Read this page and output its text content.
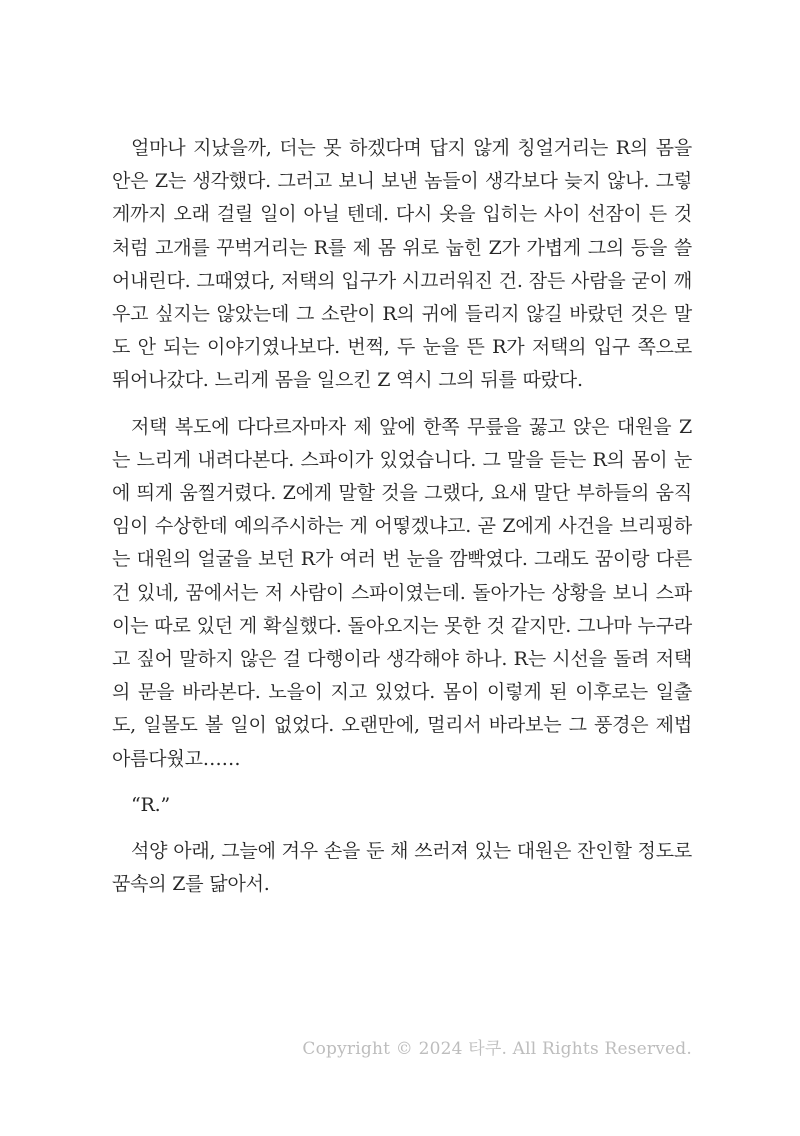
얼마나 지났을까, 더는 못 하겠다며 답지 않게 칭얼거리는 R의 몸을 안은 Z는 생각했다. 그러고 보니 보낸 놈들이 생각보다 늦지 않나. 그렇게까지 오래 걸릴 일이 아닐 텐데. 다시 옷을 입히는 사이 선잠이 든 것처럼 고개를 꾸벅거리는 R를 제 몸 위로 눕힌 Z가 가볍게 그의 등을 쓸어내린다. 그때였다, 저택의 입구가 시끄러워진 건. 잠든 사람을 굳이 깨우고 싶지는 않았는데 그 소란이 R의 귀에 들리지 않길 바랐던 것은 말도 안 되는 이야기였나보다. 번쩍, 두 눈을 뜬 R가 저택의 입구 쪽으로 뛰어나갔다. 느리게 몸을 일으킨 Z 역시 그의 뒤를 따랐다.

저택 복도에 다다르자마자 제 앞에 한쪽 무릎을 꿇고 앉은 대원을 Z는 느리게 내려다본다. 스파이가 있었습니다. 그 말을 듣는 R의 몸이 눈에 띄게 움찔거렸다. Z에게 말할 것을 그랬다, 요새 말단 부하들의 움직임이 수상한데 예의주시하는 게 어떻겠냐고. 곧 Z에게 사건을 브리핑하는 대원의 얼굴을 보던 R가 여러 번 눈을 깜빡였다. 그래도 꿈이랑 다른 건 있네, 꿈에서는 저 사람이 스파이였는데. 돌아가는 상황을 보니 스파이는 따로 있던 게 확실했다. 돌아오지는 못한 것 같지만. 그나마 누구라고 짚어 말하지 않은 걸 다행이라 생각해야 하나. R는 시선을 돌려 저택의 문을 바라본다. 노을이 지고 있었다. 몸이 이렇게 된 이후로는 일출도, 일몰도 볼 일이 없었다. 오랜만에, 멀리서 바라보는 그 풍경은 제법 아름다웠고……

“R.”

석양 아래, 그늘에 겨우 손을 둔 채 쓰러져 있는 대원은 잔인할 정도로 꿈속의 Z를 닮아서.

Copyright © 2024 타쿠. All Rights Reserved.
